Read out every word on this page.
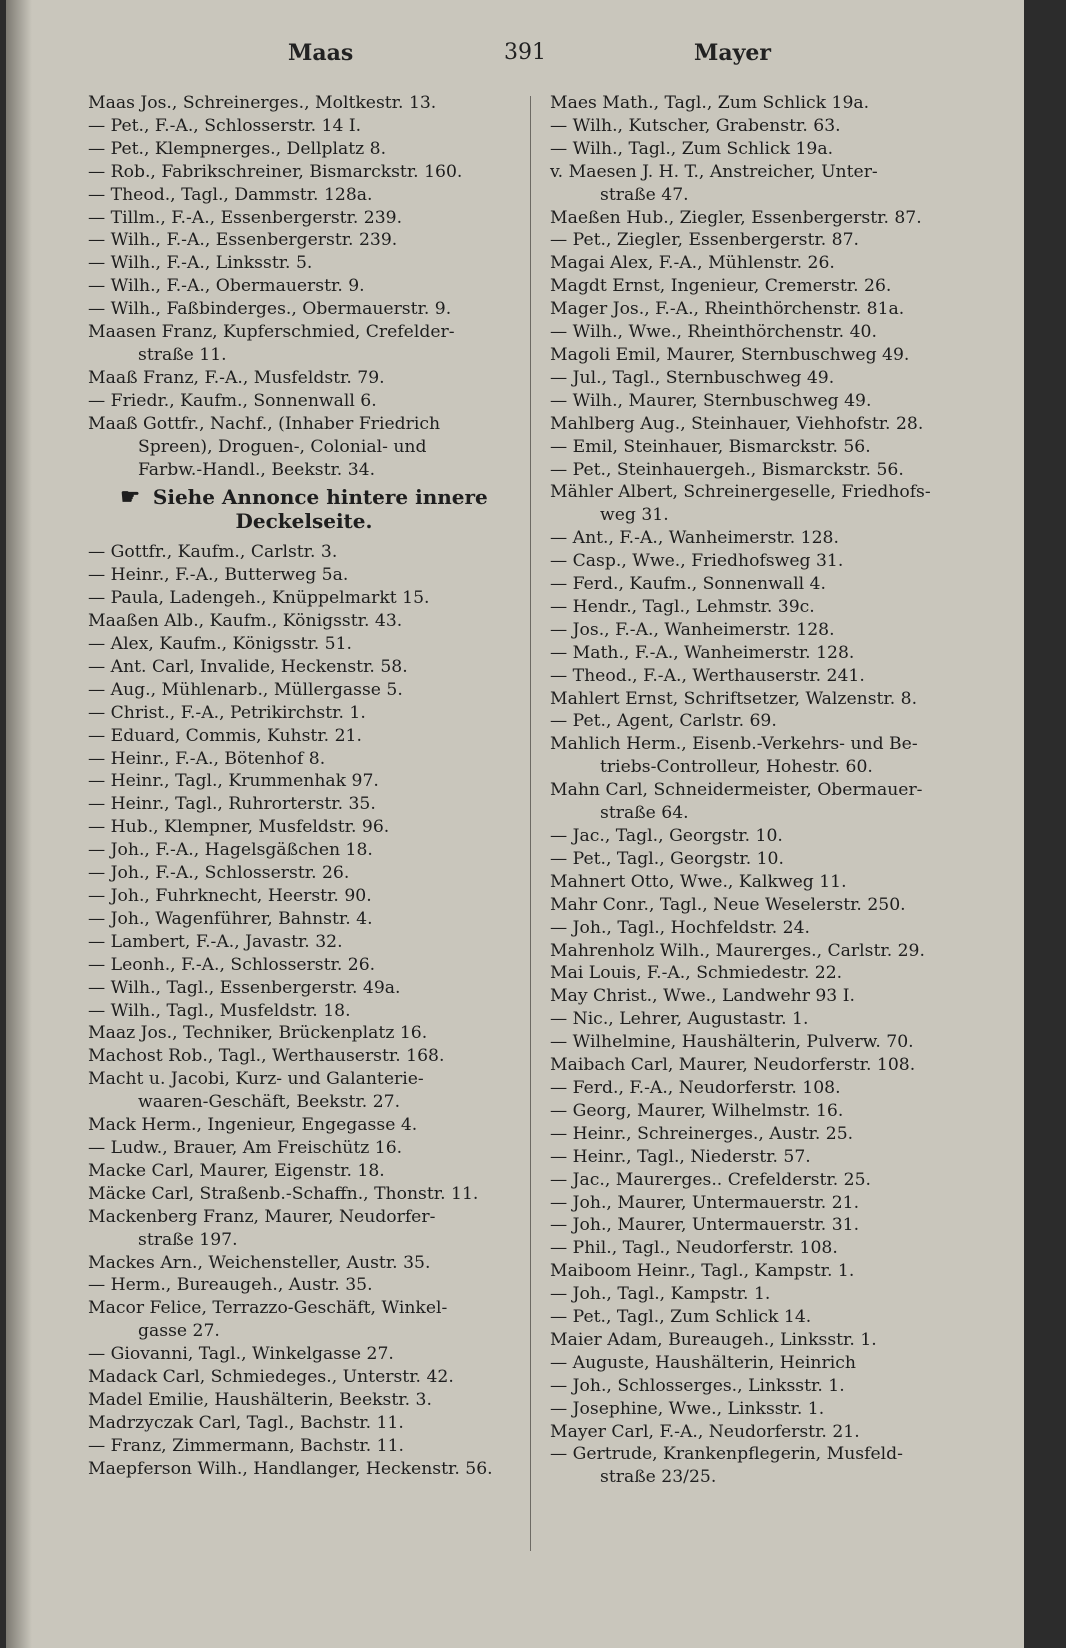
Maas	391	Mayer
Maas Jos., Schreinerges., Moltkestr. 13.
— Pet., F.-A., Schlosserstr. 14 I.
— Pet., Klempnerges., Dellplatz 8.
— Rob., Fabrikschreiner, Bismarckstr. 160.
— Theod., Tagl., Dammstr. 128a.
— Tillm., F.-A., Essenbergerstr. 239.
— Wilh., F.-A., Essenbergerstr. 239.
— Wilh., F.-A., Linksstr. 5.
— Wilh., F.-A., Obermauerstr. 9.
— Wilh., Faßbinderges., Obermauerstr. 9.
Maasen Franz, Kupferschmied, Crefelder-
straße 11.
Maaß Franz, F.-A., Musfeldstr. 79.
— Friedr., Kaufm., Sonnenwall 6.
Maaß Gottfr., Nachf., (Inhaber Friedrich
Spreen), Droguen-, Colonial- und
Farbw.-Handl., Beekstr. 34.
☛ Siehe Annonce hintere innere
Deckelseite.
— Gottfr., Kaufm., Carlstr. 3.
— Heinr., F.-A., Butterweg 5a.
— Paula, Ladengeh., Knüppelmarkt 15.
Maaßen Alb., Kaufm., Königsstr. 43.
— Alex, Kaufm., Königsstr. 51.
— Ant. Carl, Invalide, Heckenstr. 58.
— Aug., Mühlenarb., Müllergasse 5.
— Christ., F.-A., Petrikirchstr. 1.
— Eduard, Commis, Kuhstr. 21.
— Heinr., F.-A., Bötenhof 8.
— Heinr., Tagl., Krummenhak 97.
— Heinr., Tagl., Ruhrorterstr. 35.
— Hub., Klempner, Musfeldstr. 96.
— Joh., F.-A., Hagelsgäßchen 18.
— Joh., F.-A., Schlosserstr. 26.
— Joh., Fuhrknecht, Heerstr. 90.
— Joh., Wagenführer, Bahnstr. 4.
— Lambert, F.-A., Javastr. 32.
— Leonh., F.-A., Schlosserstr. 26.
— Wilh., Tagl., Essenbergerstr. 49a.
— Wilh., Tagl., Musfeldstr. 18.
Maaz Jos., Techniker, Brückenplatz 16.
Machost Rob., Tagl., Werthauserstr. 168.
Macht u. Jacobi, Kurz- und Galanterie-
waaren-Geschäft, Beekstr. 27.
Mack Herm., Ingenieur, Engegasse 4.
— Ludw., Brauer, Am Freischütz 16.
Macke Carl, Maurer, Eigenstr. 18.
Mäcke Carl, Straßenb.-Schaffn., Thonstr. 11.
Mackenberg Franz, Maurer, Neudorfer-
straße 197.
Mackes Arn., Weichensteller, Austr. 35.
— Herm., Bureaugeh., Austr. 35.
Macor Felice, Terrazzo-Geschäft, Winkel-
gasse 27.
— Giovanni, Tagl., Winkelgasse 27.
Madack Carl, Schmiedeges., Unterstr. 42.
Madel Emilie, Haushälterin, Beekstr. 3.
Madrzyczak Carl, Tagl., Bachstr. 11.
— Franz, Zimmermann, Bachstr. 11.
Maepferson Wilh., Handlanger, Heckenstr. 56.
Maes Math., Tagl., Zum Schlick 19a.
— Wilh., Kutscher, Grabenstr. 63.
— Wilh., Tagl., Zum Schlick 19a.
v. Maesen J. H. T., Anstreicher, Unter-
straße 47.
Maeßen Hub., Ziegler, Essenbergerstr. 87.
— Pet., Ziegler, Essenbergerstr. 87.
Magai Alex, F.-A., Mühlenstr. 26.
Magdt Ernst, Ingenieur, Cremerstr. 26.
Mager Jos., F.-A., Rheinthörchenstr. 81a.
— Wilh., Wwe., Rheinthörchenstr. 40.
Magoli Emil, Maurer, Sternbuschweg 49.
— Jul., Tagl., Sternbuschweg 49.
— Wilh., Maurer, Sternbuschweg 49.
Mahlberg Aug., Steinhauer, Viehhofstr. 28.
— Emil, Steinhauer, Bismarckstr. 56.
— Pet., Steinhauergeh., Bismarckstr. 56.
Mähler Albert, Schreinergeselle, Friedhofs-
weg 31.
— Ant., F.-A., Wanheimerstr. 128.
— Casp., Wwe., Friedhofsweg 31.
— Ferd., Kaufm., Sonnenwall 4.
— Hendr., Tagl., Lehmstr. 39c.
— Jos., F.-A., Wanheimerstr. 128.
— Math., F.-A., Wanheimerstr. 128.
— Theod., F.-A., Werthauserstr. 241.
Mahlert Ernst, Schriftsetzer, Walzenstr. 8.
— Pet., Agent, Carlstr. 69.
Mahlich Herm., Eisenb.-Verkehrs- und Be-
triebs-Controlleur, Hohestr. 60.
Mahn Carl, Schneidermeister, Obermauer-
straße 64.
— Jac., Tagl., Georgstr. 10.
— Pet., Tagl., Georgstr. 10.
Mahnert Otto, Wwe., Kalkweg 11.
Mahr Conr., Tagl., Neue Weselerstr. 250.
— Joh., Tagl., Hochfeldstr. 24.
Mahrenholz Wilh., Maurerges., Carlstr. 29.
Mai Louis, F.-A., Schmiedestr. 22.
May Christ., Wwe., Landwehr 93 I.
— Nic., Lehrer, Augustastr. 1.
— Wilhelmine, Haushälterin, Pulverw. 70.
Maibach Carl, Maurer, Neudorferstr. 108.
— Ferd., F.-A., Neudorferstr. 108.
— Georg, Maurer, Wilhelmstr. 16.
— Heinr., Schreinerges., Austr. 25.
— Heinr., Tagl., Niederstr. 57.
— Jac., Maurerges.. Crefelderstr. 25.
— Joh., Maurer, Untermauerstr. 21.
— Joh., Maurer, Untermauerstr. 31.
— Phil., Tagl., Neudorferstr. 108.
Maiboom Heinr., Tagl., Kampstr. 1.
— Joh., Tagl., Kampstr. 1.
— Pet., Tagl., Zum Schlick 14.
Maier Adam, Bureaugeh., Linksstr. 1.
— Auguste, Haushälterin, Heinrich
— Joh., Schlosserges., Linksstr. 1.
— Josephine, Wwe., Linksstr. 1.
Mayer Carl, F.-A., Neudorferstr. 21.
— Gertrude, Krankenpflegerin, Musfeld-
straße 23/25.
